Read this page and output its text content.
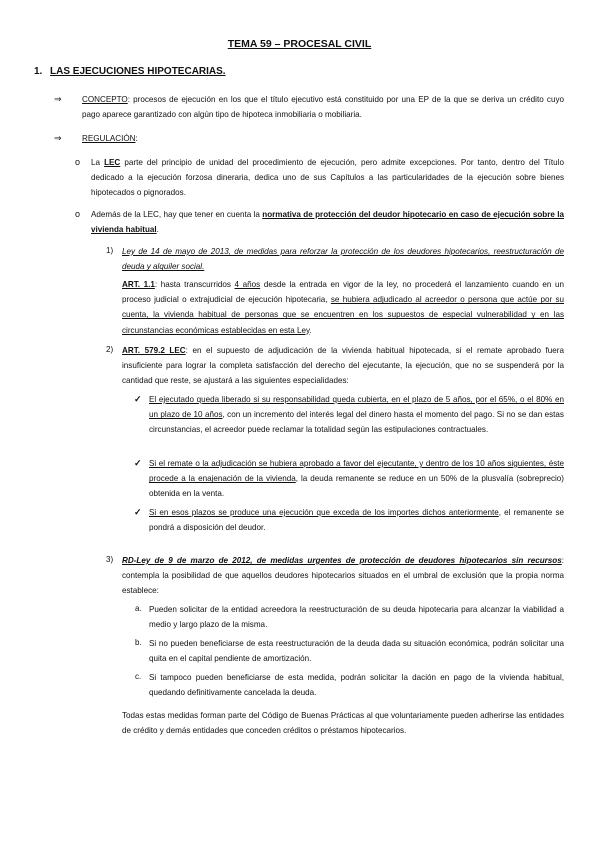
TEMA 59 – PROCESAL CIVIL
1. LAS EJECUCIONES HIPOTECARIAS.
⇒	CONCEPTO: procesos de ejecución en los que el título ejecutivo está constituido por una EP de la que se deriva un crédito cuyo pago aparece garantizado con algún tipo de hipoteca inmobiliaria o mobiliaria.
⇒	REGULACIÓN:
o La LEC parte del principio de unidad del procedimiento de ejecución, pero admite excepciones. Por tanto, dentro del Título dedicado a la ejecución forzosa dineraria, dedica uno de sus Capítulos a las particularidades de la ejecución sobre bienes hipotecados o pignorados.
o Además de la LEC, hay que tener en cuenta la normativa de protección del deudor hipotecario en caso de ejecución sobre la vivienda habitual.
1) Ley de 14 de mayo de 2013, de medidas para reforzar la protección de los deudores hipotecarios, reestructuración de deuda y alquiler social.
ART. 1.1: hasta transcurridos 4 años desde la entrada en vigor de la ley, no procederá el lanzamiento cuando en un proceso judicial o extrajudicial de ejecución hipotecaria, se hubiera adjudicado al acreedor o persona que actúe por su cuenta, la vivienda habitual de personas que se encuentren en los supuestos de especial vulnerabilidad y en las circunstancias económicas establecidas en esta Ley.
2) ART. 579.2 LEC: en el supuesto de adjudicación de la vivienda habitual hipotecada, si el remate aprobado fuera insuficiente para lograr la completa satisfacción del derecho del ejecutante, la ejecución, que no se suspenderá por la cantidad que reste, se ajustará a las siguientes especialidades:
✓ El ejecutado queda liberado si su responsabilidad queda cubierta, en el plazo de 5 años, por el 65%, o el 80% en un plazo de 10 años, con un incremento del interés legal del dinero hasta el momento del pago. Si no se dan estas circunstancias, el acreedor puede reclamar la totalidad según las estipulaciones contractuales.
✓ Si el remate o la adjudicación se hubiera aprobado a favor del ejecutante, y dentro de los 10 años siguientes, éste procede a la enajenación de la vivienda, la deuda remanente se reduce en un 50% de la plusvalía (sobreprecio) obtenida en la venta.
✓ Si en esos plazos se produce una ejecución que exceda de los importes dichos anteriormente, el remanente se pondrá a disposición del deudor.
3) RD-Ley de 9 de marzo de 2012, de medidas urgentes de protección de deudores hipotecarios sin recursos: contempla la posibilidad de que aquellos deudores hipotecarios situados en el umbral de exclusión que la propia norma establece:
a. Pueden solicitar de la entidad acreedora la reestructuración de su deuda hipotecaria para alcanzar la viabilidad a medio y largo plazo de la misma.
b. Si no pueden beneficiarse de esta reestructuración de la deuda dada su situación económica, podrán solicitar una quita en el capital pendiente de amortización.
c. Si tampoco pueden beneficiarse de esta medida, podrán solicitar la dación en pago de la vivienda habitual, quedando definitivamente cancelada la deuda.
Todas estas medidas forman parte del Código de Buenas Prácticas al que voluntariamente pueden adherirse las entidades de crédito y demás entidades que conceden créditos o préstamos hipotecarios.
